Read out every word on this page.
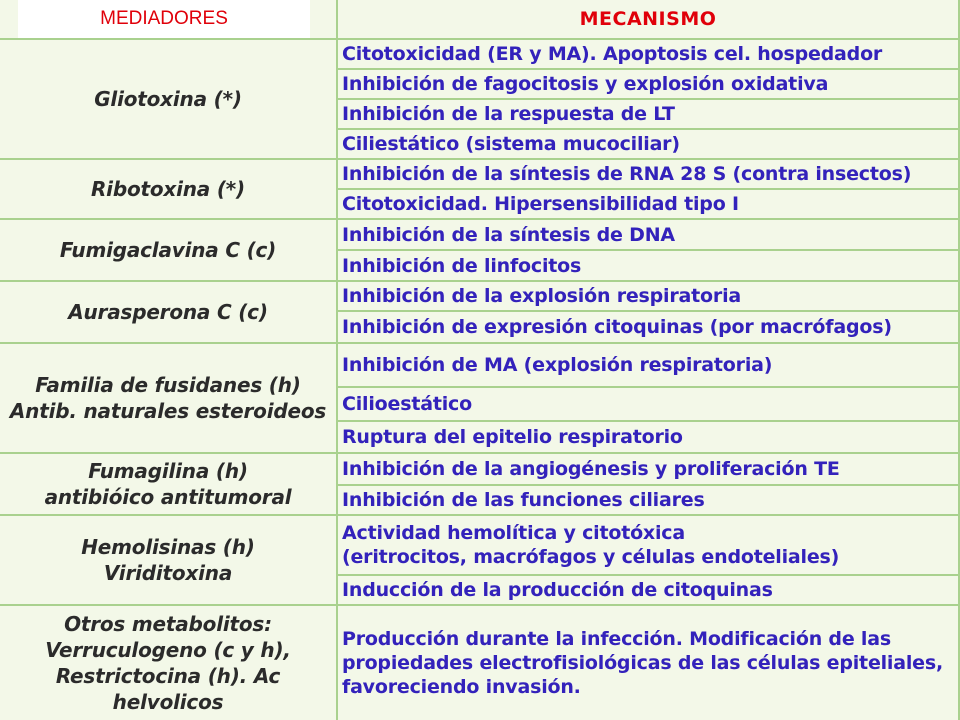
MEDIADORES	MECANISMO
Gliotoxina (*)
Citotoxicidad (ER y MA). Apoptosis cel. hospedador
Inhibición de fagocitosis y explosión oxidativa
Inhibición de la respuesta de LT
Ciliestático (sistema mucociliar)
Ribotoxina (*)
Inhibición de la síntesis de RNA 28 S (contra insectos)
Citotoxicidad. Hipersensibilidad tipo I
Fumigaclavina C (c)
Inhibición de la síntesis de DNA
Inhibición de linfocitos
Aurasperona C (c)
Inhibición de la explosión respiratoria
Inhibición de expresión citoquinas (por macrófagos)
Familia de fusidanes (h)
Antib. naturales esteroideos
Inhibición de MA (explosión respiratoria)
Cilioestático
Ruptura del epitelio respiratorio
Fumagilina (h)
antibióico antitumoral
Inhibición de la angiogénesis y proliferación TE
Inhibición de las funciones ciliares
Hemolisinas (h)
Viriditoxina
Actividad hemolítica y citotóxica
(eritrocitos, macrófagos y células endoteliales)
Inducción de la producción de citoquinas
Otros metabolitos:
Verruculogeno (c y h),
Restrictocina (h). Ac
helvolicos
Producción durante la infección. Modificación de las
propiedades electrofisiológicas de las células epiteliales,
favoreciendo invasión.
